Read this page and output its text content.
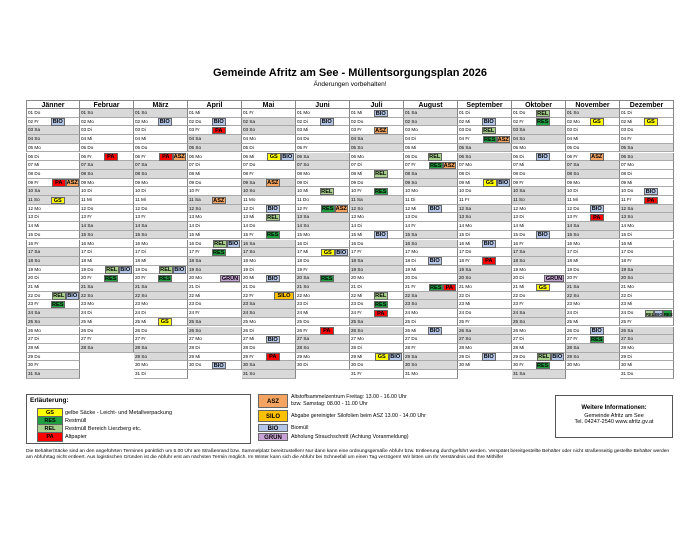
Gemeinde Afritz am See - Müllentsorgungsplan 2026
Änderungen vorbehalten!
Jänner
01 Do
02 Fr	BIO
03 Sa
04 So
05 Mo
06 Di
07 Mi
08 Do
09 Fr	PA ASZ
10 Sa
11 So	GS
12 Mo
13 Di
14 Mi
15 Do
16 Fr
17 Sa
18 So
19 Mo
20 Di
21 Mi
22 Do REL BIO
23 Fr RES
24 Sa
25 So
26 Mo
27 Di
28 Mi
29 Do
30 Fr
31 Sa
Februar
01 So
02 Mo
03 Di
04 Mi
05 Do
06 Fr	PA
07 Sa
08 So
09 Mo
10 Di
11 Mi
12 Do
13 Fr
14 Sa
15 So
16 Mo
17 Di
18 Mi
19 Do REL BIO
20 Fr RES
21 Sa
22 So
23 Mo
24 Di
25 Mi
26 Do
27 Fr
28 Sa
März
01 So
02 Mo	BIO
03 Di
04 Mi
05 Do
06 Fr	PA ASZ
07 Sa
08 So
09 Mo
10 Di
11 Mi
12 Do
13 Fr
14 Sa
15 So
16 Mo
17 Di
18 Mi
19 Do REL BIO
20 Fr RES
21 Sa
22 So
23 Mo
24 Di
25 Mi	GS
26 Do
27 Fr
28 Sa
29 So
30 Mo
31 Di
April
01 Mi
02 Do	BIO
03 Fr	PA
04 Sa
05 So
06 Mo
07 Di
08 Mi
09 Do
10 Fr
11 Sa ASZ
12 So
13 Mo
14 Di
15 Mi
16 Do REL BIO
17 Fr RES
18 Sa
19 So
20 Mo	GRÜN
21 Di
22 Mi
23 Do
24 Fr
25 Sa
26 So
27 Mo
28 Di
29 Mi
30 Do	BIO
Mai
01 Fr
02 Sa
03 So
04 Mo
05 Di
06 Mi	GS BIO
07 Do
08 Fr
09 Sa ASZ
10 So
11 Mo
12 Di	BIO
13 Mi REL
14 Do
15 Fr RES
16 Sa
17 So
18 Mo
19 Di
20 Mi	BIO
21 Do
22 Fr	SILO
23 Sa
24 So
25 Mo
26 Di
27 Mi	BIO
28 Do
29 Fr	PA
30 Sa
31 So
Juni
01 Mo
02 Di	BIO
03 Mi
04 Do
05 Fr
06 Sa
07 So
08 Mo
09 Di
10 Mi REL
11 Do
12 Fr	RES ASZ
13 Sa
14 So
15 Mo
16 Di
17 Mi	GS BIO
18 Do
19 Fr
20 Sa RES
21 So
22 Mo
23 Di
24 Mi
25 Do
26 Fr	PA
27 Sa
28 So
29 Mo
30 Di
Juli
01 Mi	BIO
02 Do
03 Fr ASZ
04 Sa
05 So
06 Mo
07 Di
08 Mi REL
09 Do
10 Fr RES
11 Sa
12 So
13 Mo
14 Di
15 Mi	BIO
16 Do
17 Fr
18 Sa
19 So
20 Mo
21 Di
22 Mi REL
23 Do RES
24 Fr	PA
25 Sa
26 So
27 Mo
28 Di
29 Mi	GS BIO
30 Do
31 Fr
August
01 Sa
02 So
03 Mo
04 Di
05 Mi
06 Do REL
07 Fr	RES ASZ
08 Sa
09 So
10 Mo
11 Di
12 Mi	BIO
13 Do
14 Fr
15 Sa
16 So
17 Mo
18 Di	BIO
19 Mi
20 Do
21 Fr	RES PA
22 Sa
23 So
24 Mo
25 Di
26 Mi	BIO
27 Do
28 Fr
29 Sa
30 So
31 Mo
September
01 Di
02 Mi	BIO
03 Do REL
04 Fr	RES ASZ
05 Sa
06 So
07 Mo
08 Di
09 Mi	GS BIO
10 Do
11 Fr
12 Sa
13 So
14 Mo
15 Di
16 Mi	BIO
17 Do
18 Fr	PA
19 Sa
20 So
21 Mo
22 Di
23 Mi
24 Do
25 Fr
26 Sa
27 So
28 Mo
29 Di	BIO
30 Mi
Oktober
01 Do REL
02 Fr RES
03 Sa
04 So
05 Mo
06 Di	BIO
07 Mi
08 Do
09 Fr
10 Sa
11 So
12 Mo
13 Di
14 Mi
15 Do	BIO
16 Fr
17 Sa
18 So
19 Mo
20 Di	GRÜN
21 Mi	GS
22 Do
23 Fr
24 Sa
25 So
26 Mo
27 Di
28 Mi
29 Do REL BIO
30 Fr RES
31 Sa
November
01 So
02 Mo	GS
03 Di
04 Mi
05 Do
06 Fr ASZ
07 Sa
08 So
09 Mo
10 Di
11 Mi
12 Do	BIO
13 Fr	PA
14 Sa
15 So
16 Mo
17 Di
18 Mi
19 Do
20 Fr
21 Sa
22 So
23 Mo
24 Di
25 Mi
26 Do	BIO
27 Fr RES
28 Sa
29 So
30 Mo
Dezember
01 Di
02 Mi	GS
03 Do
04 Fr
05 Sa
06 So
07 Mo
08 Di
09 Mi
10 Do	BIO
11 Fr	PA
12 Sa
13 So
14 Mo
15 Di
16 Mi
17 Do
18 Fr
19 Sa
20 So
21 Mo
22 Di
23 Mi
24 Do	REL BIO RES
25 Fr
26 Sa
27 So
28 Mo
29 Di
30 Mi
31 Do
Erläuterung:
GS gelbe Säcke - Leicht- und Metallverpackung
RES Restmüll
REL Restmüll Bereich Lierzberg etc.
PA Altpapier
ASZ
Altstoffsammelzentrum Freitag: 13.00 - 16.00 Uhr
bzw. Samstag: 08.00 - 11.00 Uhr
SILO	Abgabe gereinigter Silofolien beim ASZ 13.00 - 14.00 Uhr
BIO	Biomüll
GRÜN	Abholung Strauchschnitt (Achtung Voranmeldung)
Weitere Informationen:
Gemeinde Afritz am See
Tel. 04247-2540 www.afritz.gv.at
Die Behälter/Säcke sind an den angeführten Terminen pünktlich um 5.00 Uhr am Straßenrand bzw. Sammelplatz bereitzustellen! Nur dann kann eine ordnungsgemäße Abfuhr bzw. Entleerung durchgeführt werden. Verspätet bereitgestellte Behälter oder nicht straßenseitig gestellte Behälter werden am Abfuhrtag nicht entleert. Aus logistischen Gründen ist die Abfuhr erst am nächsten Termin möglich. Im Winter kann sich die Abfuhr bei Schneefall um einen Tag verzögern! Wir bitten um Ihr Verständnis und Ihre Mithilfe!
